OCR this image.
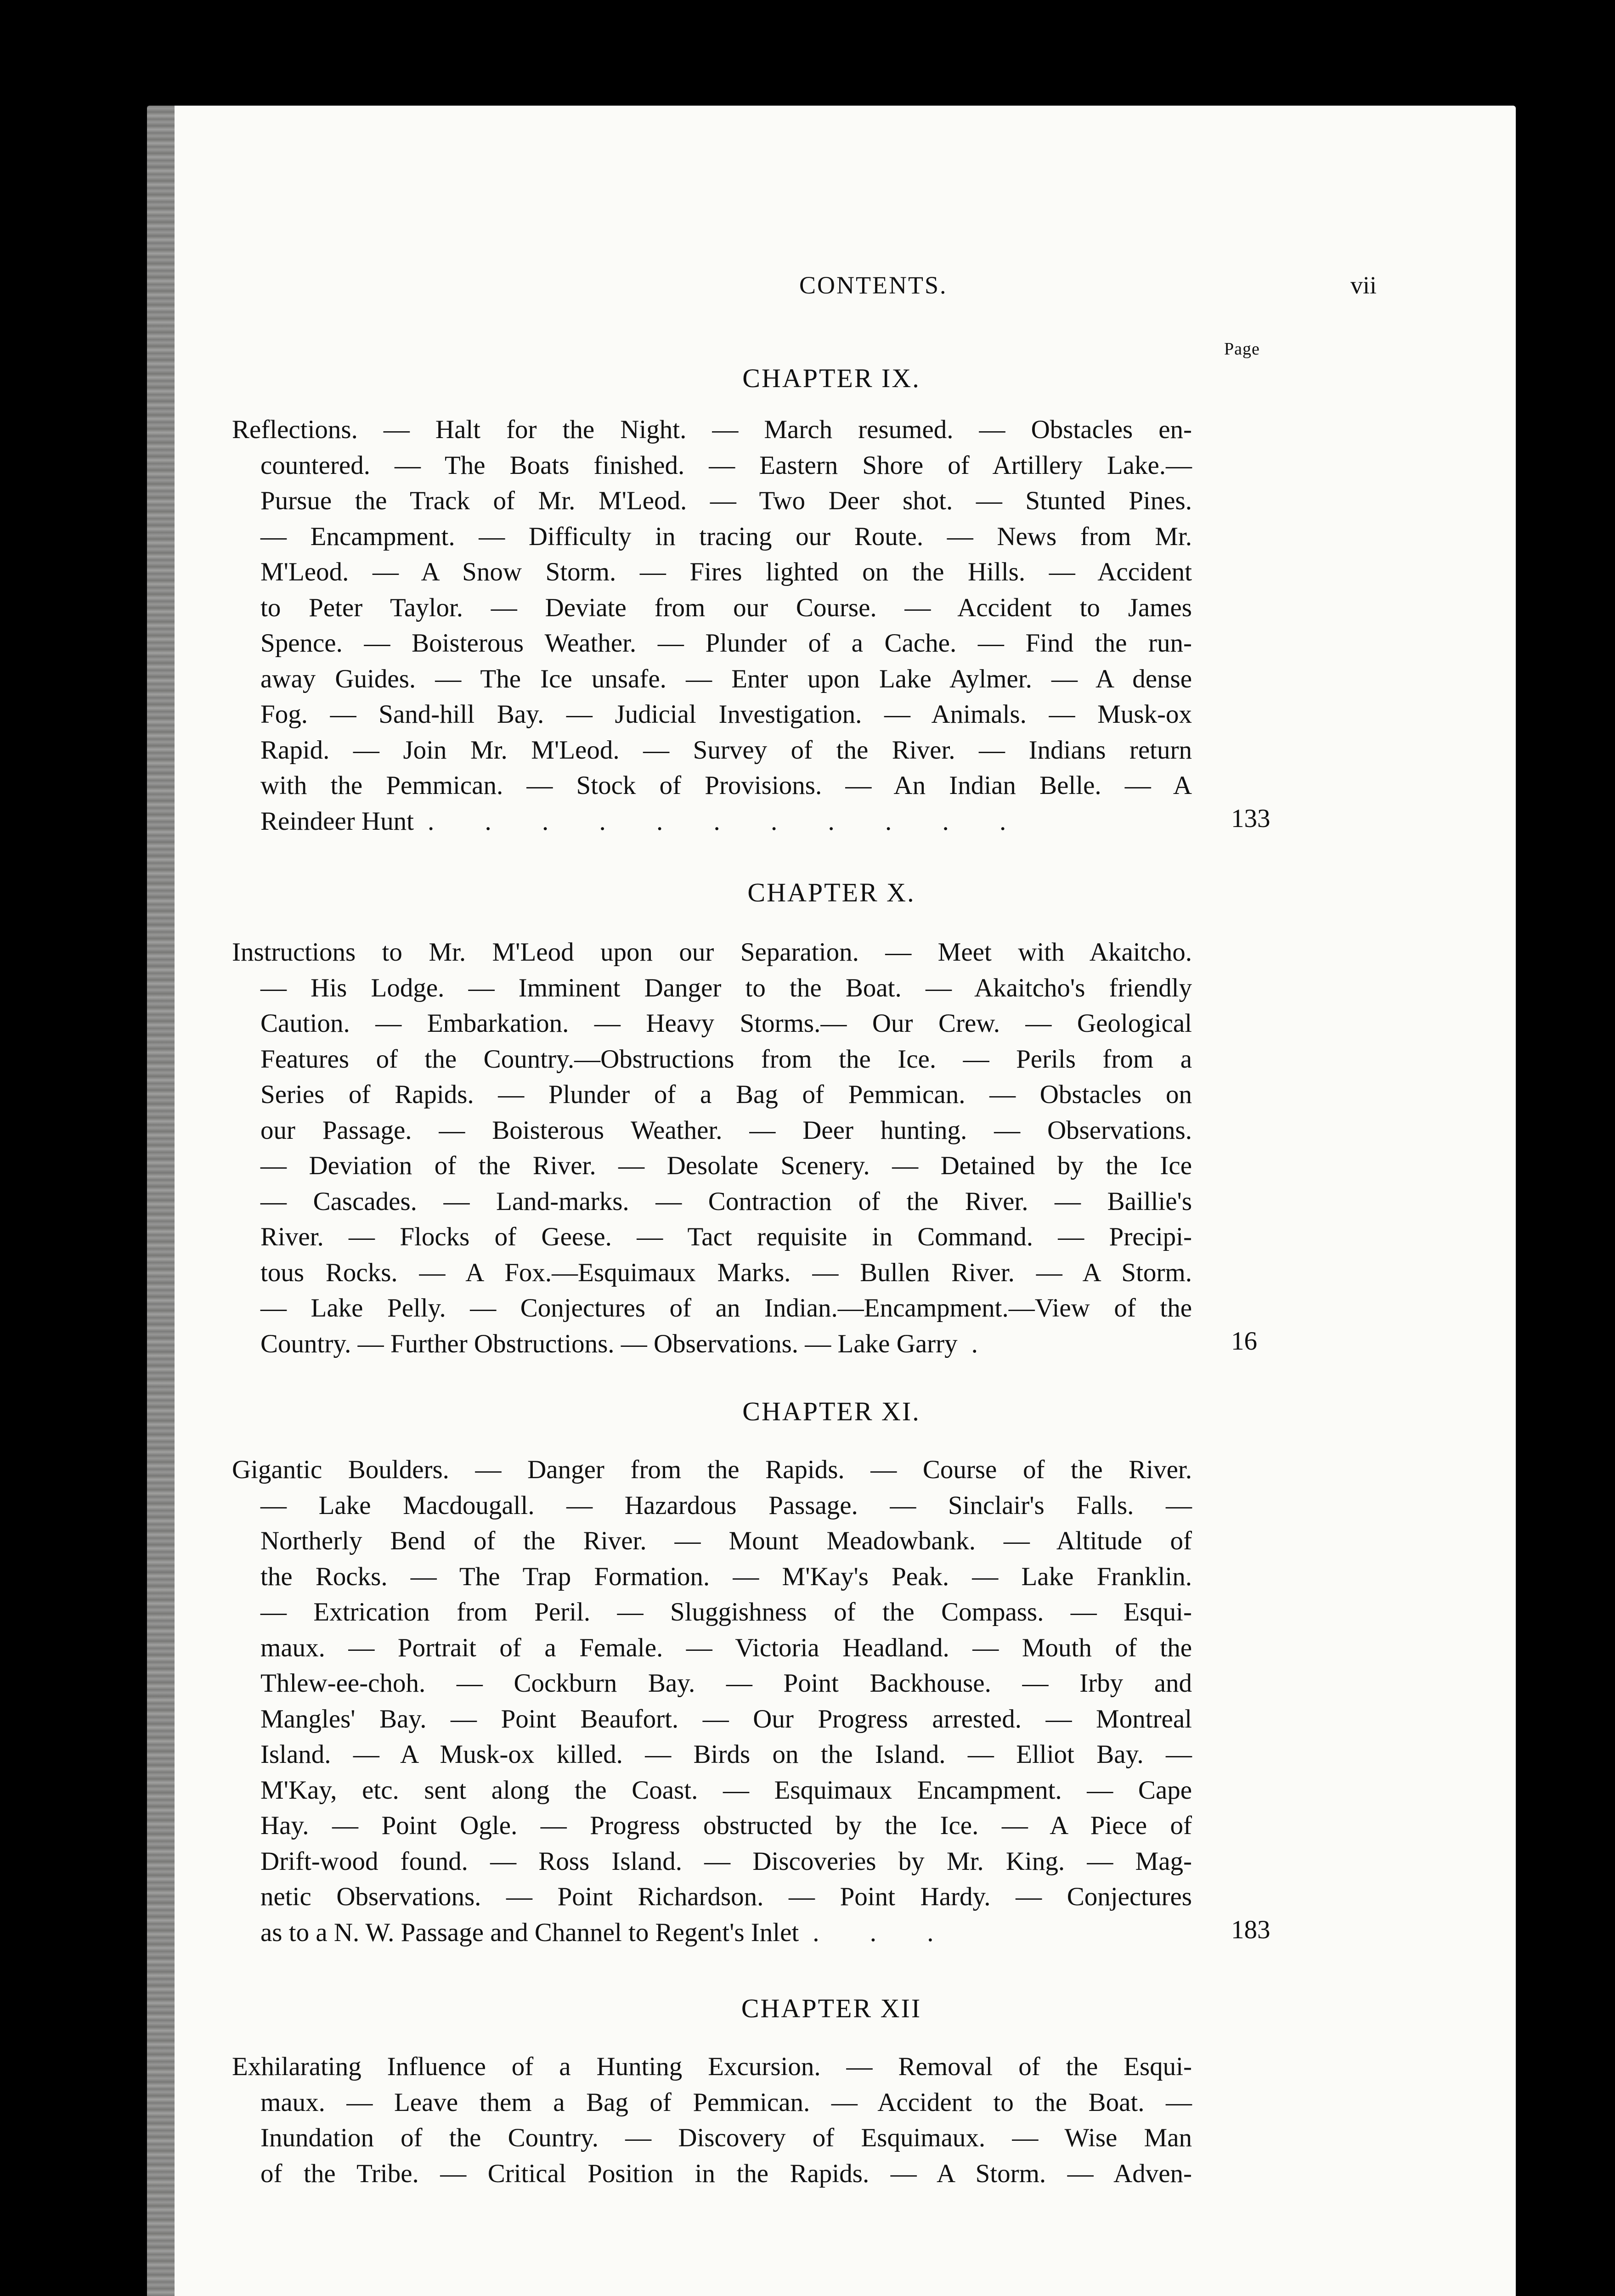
CONTENTS.	vii
Page
CHAPTER IX.
Reflections. — Halt for the Night. — March resumed. — Obstacles en-
countered. — The Boats finished. — Eastern Shore of Artillery Lake.—
Pursue the Track of Mr. M'Leod. — Two Deer shot. — Stunted Pines.
— Encampment. — Difficulty in tracing our Route. — News from Mr.
M'Leod. — A Snow Storm. — Fires lighted on the Hills. — Accident
to Peter Taylor. — Deviate from our Course. — Accident to James
Spence. — Boisterous Weather. — Plunder of a Cache. — Find the run-
away Guides. — The Ice unsafe. — Enter upon Lake Aylmer. — A dense
Fog. — Sand-hill Bay. — Judicial Investigation. — Animals. — Musk-ox
Rapid. — Join Mr. M'Leod. — Survey of the River. — Indians return
with the Pemmican. — Stock of Provisions. — An Indian Belle. — A
Reindeer Hunt . . . . . . . . . . .	133
CHAPTER X.
Instructions to Mr. M'Leod upon our Separation. — Meet with Akaitcho.
— His Lodge. — Imminent Danger to the Boat. — Akaitcho's friendly
Caution. — Embarkation. — Heavy Storms.— Our Crew. — Geological
Features of the Country.—Obstructions from the Ice. — Perils from a
Series of Rapids. — Plunder of a Bag of Pemmican. — Obstacles on
our Passage. — Boisterous Weather. — Deer hunting. — Observations.
— Deviation of the River. — Desolate Scenery. — Detained by the Ice
— Cascades. — Land-marks. — Contraction of the River. — Baillie's
River. — Flocks of Geese. — Tact requisite in Command. — Precipi-
tous Rocks. — A Fox.—Esquimaux Marks. — Bullen River. — A Storm.
— Lake Pelly. — Conjectures of an Indian.—Encampment.—View of the
Country. — Further Obstructions. — Observations. — Lake Garry .	16
CHAPTER XI.
Gigantic Boulders. — Danger from the Rapids. — Course of the River.
— Lake Macdougall. — Hazardous Passage. — Sinclair's Falls. —
Northerly Bend of the River. — Mount Meadowbank. — Altitude of
the Rocks. — The Trap Formation. — M'Kay's Peak. — Lake Franklin.
— Extrication from Peril. — Sluggishness of the Compass. — Esqui-
maux. — Portrait of a Female. — Victoria Headland. — Mouth of the
Thlew-ee-choh. — Cockburn Bay. — Point Backhouse. — Irby and
Mangles' Bay. — Point Beaufort. — Our Progress arrested. — Montreal
Island. — A Musk-ox killed. — Birds on the Island. — Elliot Bay. —
M'Kay, etc. sent along the Coast. — Esquimaux Encampment. — Cape
Hay. — Point Ogle. — Progress obstructed by the Ice. — A Piece of
Drift-wood found. — Ross Island. — Discoveries by Mr. King. — Mag-
netic Observations. — Point Richardson. — Point Hardy. — Conjectures
as to a N. W. Passage and Channel to Regent's Inlet . . .	183
CHAPTER XII
Exhilarating Influence of a Hunting Excursion. — Removal of the Esqui-
maux. — Leave them a Bag of Pemmican. — Accident to the Boat. —
Inundation of the Country. — Discovery of Esquimaux. — Wise Man
of the Tribe. — Critical Position in the Rapids. — A Storm. — Adven-
